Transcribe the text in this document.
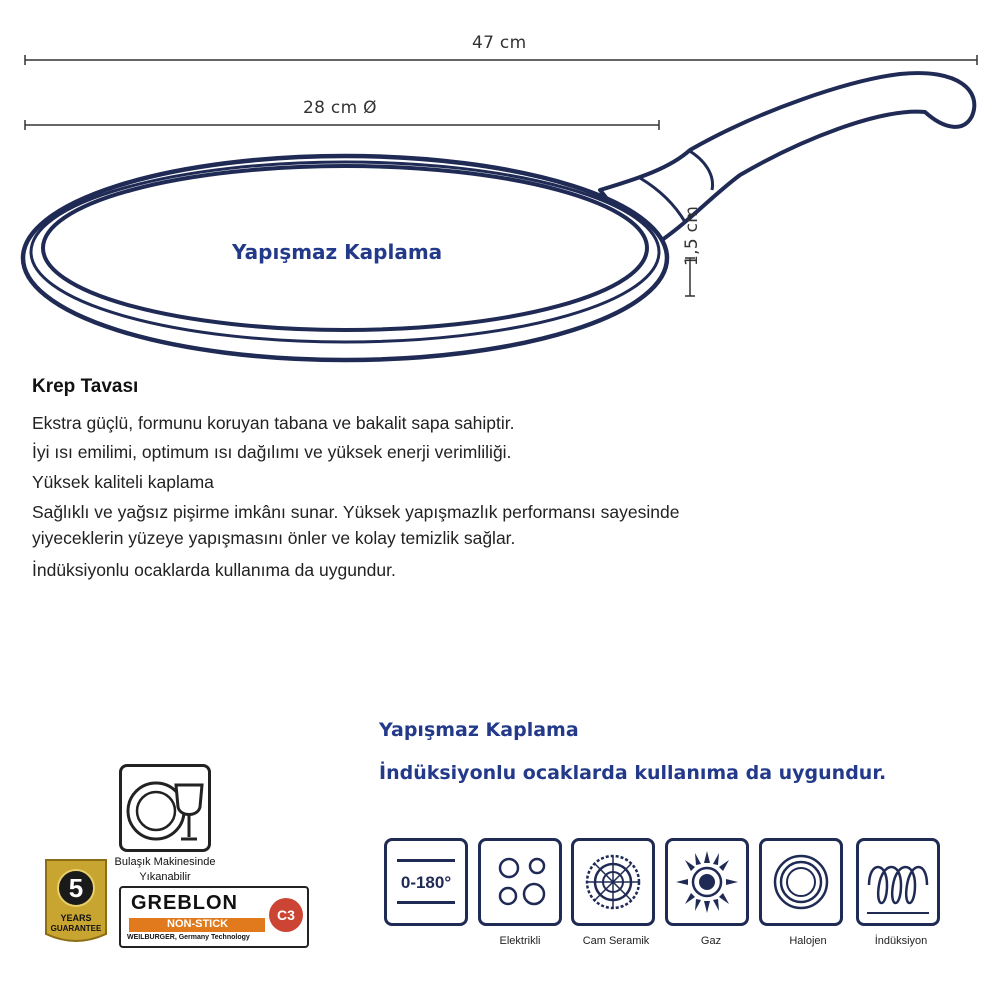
47 cm
28 cm Ø
1,5 cm
Yapışmaz Kaplama
Krep Tavası
Ekstra güçlü, formunu koruyan tabana ve bakalit sapa sahiptir.
İyi ısı emilimi, optimum ısı dağılımı ve yüksek enerji verimliliği.
Yüksek kaliteli kaplama
Sağlıklı ve yağsız pişirme imkânı sunar. Yüksek yapışmazlık performansı sayesinde
yiyeceklerin yüzeye yapışmasını önler ve kolay temizlik sağlar.
İndüksiyonlu ocaklarda kullanıma da uygundur.
Yapışmaz Kaplama
İndüksiyonlu ocaklarda kullanıma da uygundur.
Bulaşık Makinesinde
Yıkanabilir
5
YEARS
GUARANTEE
GREBLON
NON-STICK
WEILBURGER, Germany Technology
C3
0-180°
Elektrikli	Cam Seramik	Gaz	Halojen	İndüksiyon
